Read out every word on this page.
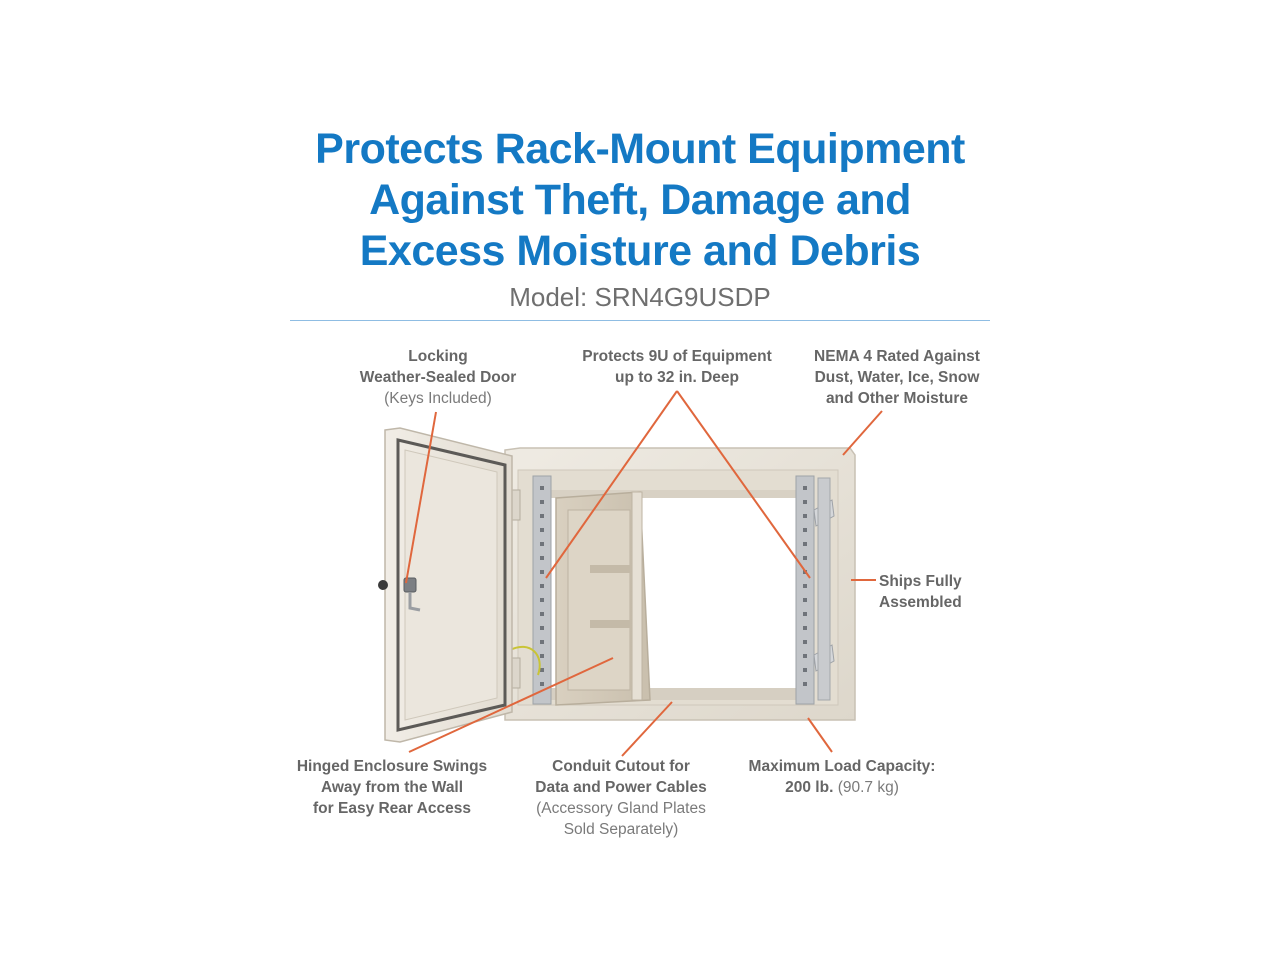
Protects Rack-Mount Equipment
Against Theft, Damage and
Excess Moisture and Debris
Model: SRN4G9USDP
Locking
Weather-Sealed Door
(Keys Included)
Protects 9U of Equipment
up to 32 in. Deep
NEMA 4 Rated Against
Dust, Water, Ice, Snow
and Other Moisture
Ships Fully
Assembled
Hinged Enclosure Swings
Away from the Wall
for Easy Rear Access
Conduit Cutout for
Data and Power Cables
(Accessory Gland Plates
Sold Separately)
Maximum Load Capacity:
200 lb. (90.7 kg)
